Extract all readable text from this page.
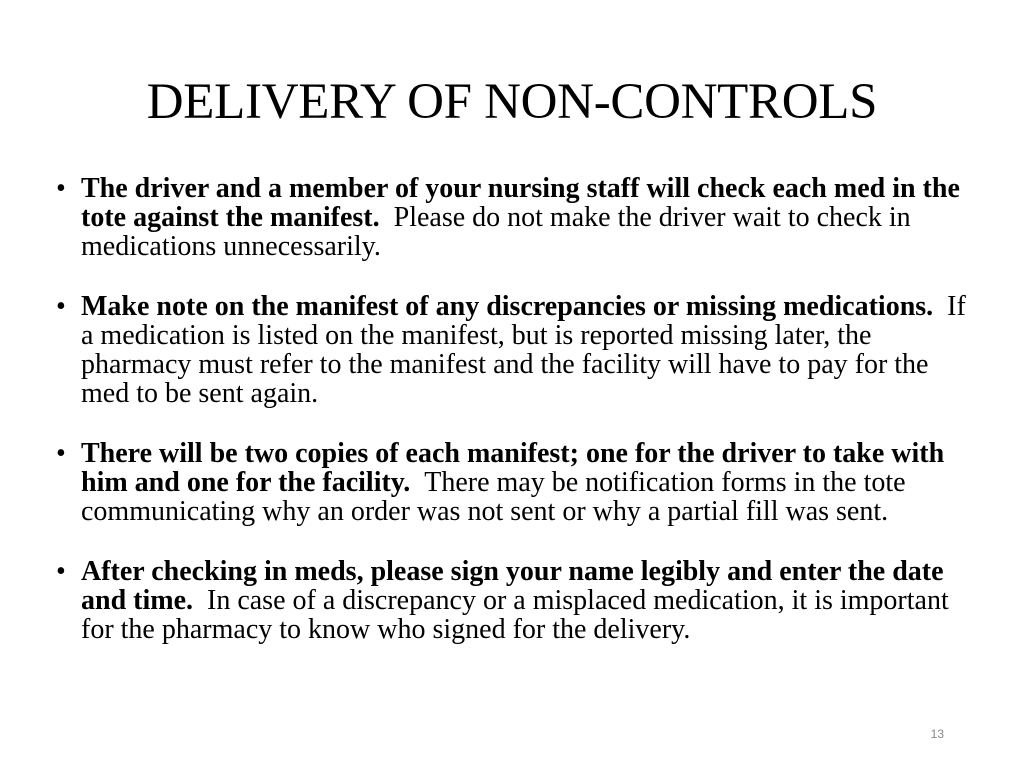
DELIVERY OF NON-CONTROLS
• The driver and a member of your nursing staff will check each med in the tote against the manifest. Please do not make the driver wait to check in medications unnecessarily.
• Make note on the manifest of any discrepancies or missing medications. If a medication is listed on the manifest, but is reported missing later, the pharmacy must refer to the manifest and the facility will have to pay for the med to be sent again.
• There will be two copies of each manifest; one for the driver to take with him and one for the facility. There may be notification forms in the tote communicating why an order was not sent or why a partial fill was sent.
• After checking in meds, please sign your name legibly and enter the date and time. In case of a discrepancy or a misplaced medication, it is important for the pharmacy to know who signed for the delivery.
13
